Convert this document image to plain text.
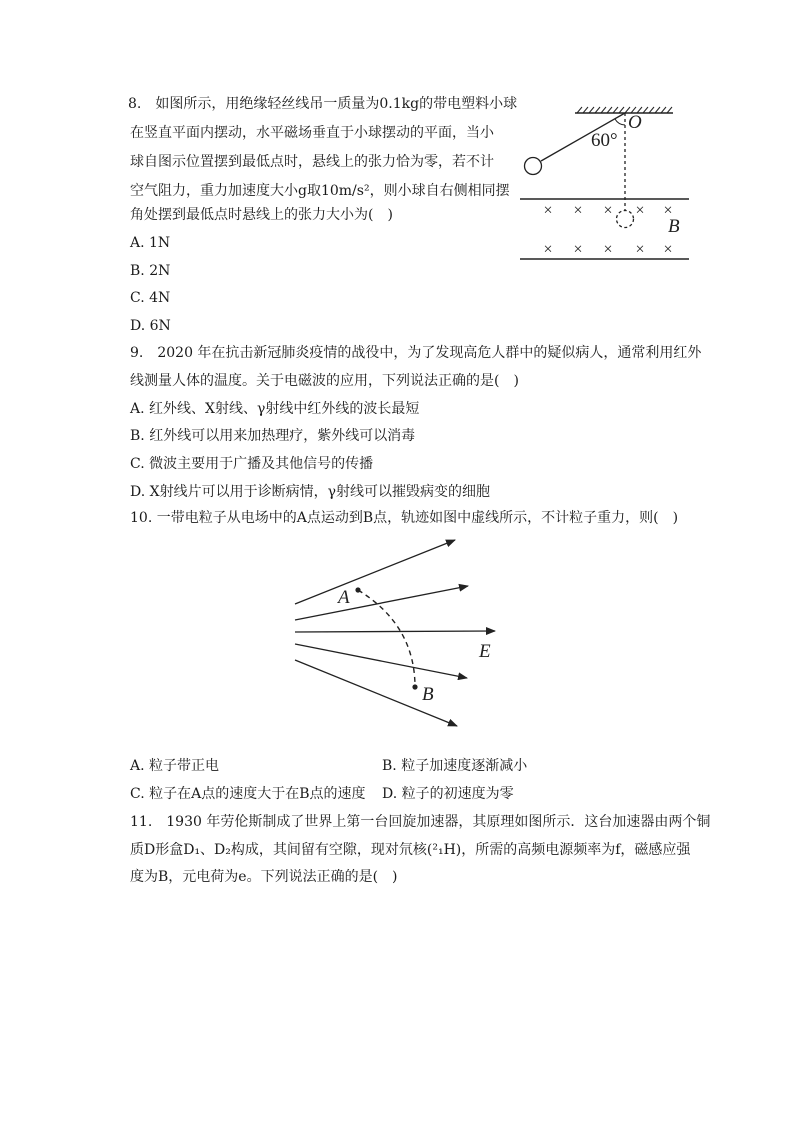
8.　如图所示，用绝缘轻丝线吊一质量为0.1kg的带电塑料小球
在竖直平面内摆动，水平磁场垂直于小球摆动的平面，当小
球自图示位置摆到最低点时，悬线上的张力恰为零，若不计
空气阻力，重力加速度大小g取10m/s²，则小球自右侧相同摆
角处摆到最低点时悬线上的张力大小为(　)
A. 1N
B. 2N
C. 4N
D. 6N
60°
O
× × × × ×
× × × × ×
B
9.　2020 年在抗击新冠肺炎疫情的战役中，为了发现高危人群中的疑似病人，通常利用红外
线测量人体的温度。关于电磁波的应用，下列说法正确的是(　)
A. 红外线、X射线、γ射线中红外线的波长最短
B. 红外线可以用来加热理疗，紫外线可以消毒
C. 微波主要用于广播及其他信号的传播
D. X射线片可以用于诊断病情，γ射线可以摧毁病变的细胞
10. 一带电粒子从电场中的A点运动到B点，轨迹如图中虚线所示，不计粒子重力，则(　)
A
B
E
A. 粒子带正电	B. 粒子加速度逐渐减小
C. 粒子在A点的速度大于在B点的速度 D. 粒子的初速度为零
11.　1930 年劳伦斯制成了世界上第一台回旋加速器，其原理如图所示．这台加速器由两个铜
质D形盒D₁、D₂构成，其间留有空隙，现对氘核(²₁H)，所需的高频电源频率为f，磁感应强
度为B，元电荷为e。下列说法正确的是(　)
